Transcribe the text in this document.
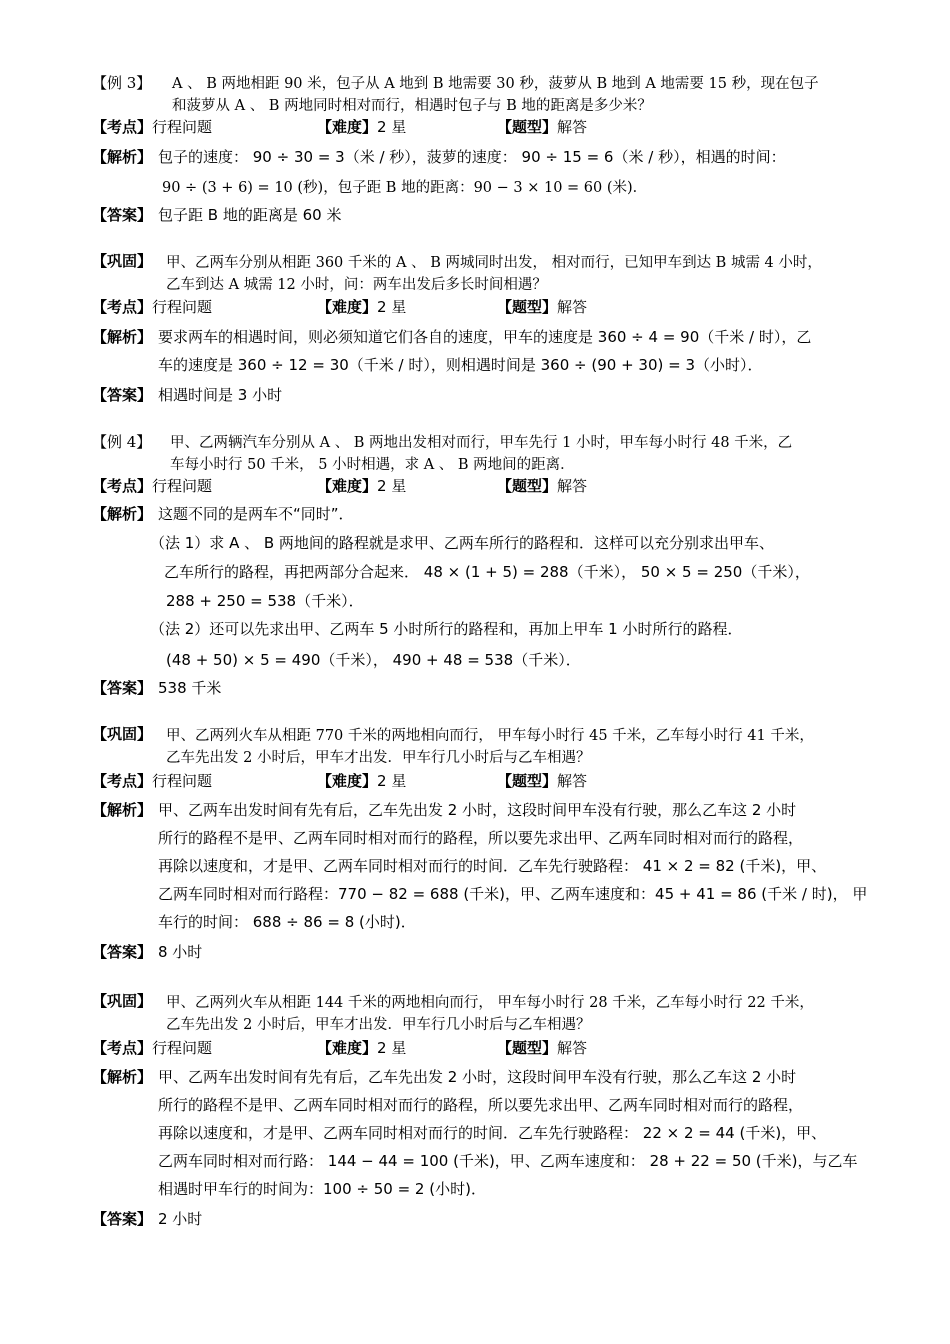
【例 3】 A 、 B 两地相距 90 米，包子从 A 地到 B 地需要 30 秒，菠萝从 B 地到 A 地需要 15 秒，现在包子
和菠萝从 A 、 B 两地同时相对而行，相遇时包子与 B 地的距离是多少米？
【考点】行程问题	【难度】2 星	【题型】解答
【解析】 包子的速度： 90 ÷ 30 = 3（米 / 秒），菠萝的速度： 90 ÷ 15 = 6（米 / 秒），相遇的时间：
90 ÷ (3 + 6) = 10 (秒)，包子距 B 地的距离：90 − 3 × 10 = 60 (米)．
【答案】 包子距 B 地的距离是 60 米
【巩固】 甲、乙两车分别从相距 360 千米的 A 、 B 两城同时出发， 相对而行，已知甲车到达 B 城需 4 小时，
乙车到达 A 城需 12 小时，问：两车出发后多长时间相遇？
【考点】行程问题	【难度】2 星	【题型】解答
【解析】 要求两车的相遇时间，则必须知道它们各自的速度，甲车的速度是 360 ÷ 4 = 90（千米 / 时），乙
车的速度是 360 ÷ 12 = 30（千米 / 时），则相遇时间是 360 ÷ (90 + 30) = 3（小时）．
【答案】 相遇时间是 3 小时
【例 4】 甲、乙两辆汽车分别从 A 、 B 两地出发相对而行，甲车先行 1 小时，甲车每小时行 48 千米，乙
车每小时行 50 千米， 5 小时相遇，求 A 、 B 两地间的距离．
【考点】行程问题	【难度】2 星	【题型】解答
【解析】 这题不同的是两车不“同时”．
（法 1）求 A 、 B 两地间的路程就是求甲、乙两车所行的路程和．这样可以充分别求出甲车、
乙车所行的路程，再把两部分合起来． 48 × (1 + 5) = 288（千米）， 50 × 5 = 250（千米），
288 + 250 = 538（千米）．
（法 2）还可以先求出甲、乙两车 5 小时所行的路程和，再加上甲车 1 小时所行的路程．
(48 + 50) × 5 = 490（千米）， 490 + 48 = 538（千米）．
【答案】 538 千米
【巩固】 甲、乙两列火车从相距 770 千米的两地相向而行， 甲车每小时行 45 千米，乙车每小时行 41 千米，
乙车先出发 2 小时后，甲车才出发．甲车行几小时后与乙车相遇？
【考点】行程问题	【难度】2 星	【题型】解答
【解析】 甲、乙两车出发时间有先有后，乙车先出发 2 小时，这段时间甲车没有行驶，那么乙车这 2 小时
所行的路程不是甲、乙两车同时相对而行的路程，所以要先求出甲、乙两车同时相对而行的路程，
再除以速度和，才是甲、乙两车同时相对而行的时间．乙车先行驶路程： 41 × 2 = 82 (千米)，甲、
乙两车同时相对而行路程：770 − 82 = 688 (千米)，甲、乙两车速度和：45 + 41 = 86 (千米 / 时)， 甲
车行的时间： 688 ÷ 86 = 8 (小时)．
【答案】 8 小时
【巩固】 甲、乙两列火车从相距 144 千米的两地相向而行， 甲车每小时行 28 千米，乙车每小时行 22 千米，
乙车先出发 2 小时后，甲车才出发．甲车行几小时后与乙车相遇？
【考点】行程问题	【难度】2 星	【题型】解答
【解析】 甲、乙两车出发时间有先有后，乙车先出发 2 小时，这段时间甲车没有行驶，那么乙车这 2 小时
所行的路程不是甲、乙两车同时相对而行的路程，所以要先求出甲、乙两车同时相对而行的路程，
再除以速度和，才是甲、乙两车同时相对而行的时间．乙车先行驶路程： 22 × 2 = 44 (千米)，甲、
乙两车同时相对而行路： 144 − 44 = 100 (千米)，甲、乙两车速度和： 28 + 22 = 50 (千米)，与乙车
相遇时甲车行的时间为：100 ÷ 50 = 2 (小时)．
【答案】 2 小时
